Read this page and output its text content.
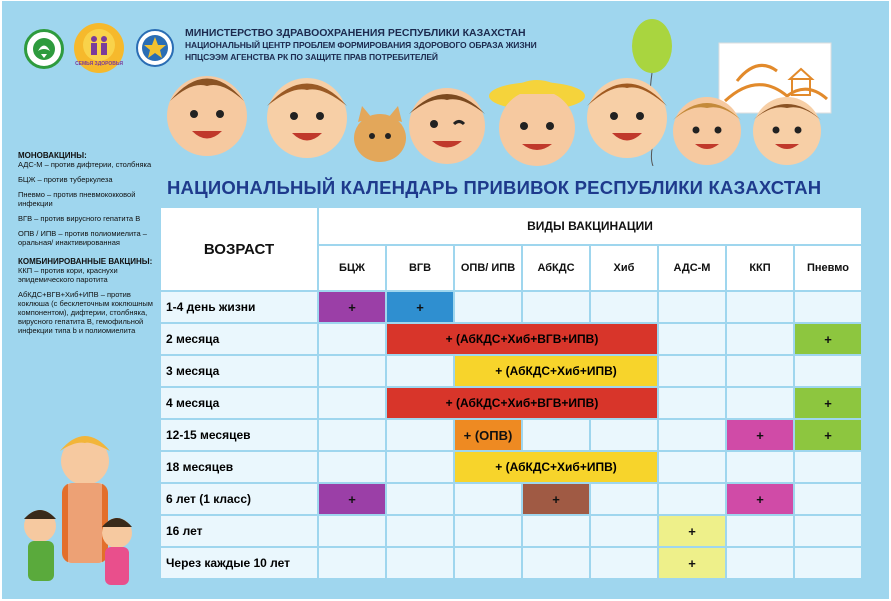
СЕМЬЯ ЗДОРОВЬЯ
МИНИСТЕРСТВО ЗДРАВООХРАНЕНИЯ РЕСПУБЛИКИ КАЗАХСТАН
НАЦИОНАЛЬНЫЙ ЦЕНТР ПРОБЛЕМ ФОРМИРОВАНИЯ ЗДОРОВОГО ОБРАЗА ЖИЗНИ
НПЦСЭЭМ АГЕНСТВА РК ПО ЗАЩИТЕ ПРАВ ПОТРЕБИТЕЛЕЙ
НАЦИОНАЛЬНЫЙ КАЛЕНДАРЬ ПРИВИВОК РЕСПУБЛИКИ КАЗАХСТАН
МОНОВАКЦИНЫ:

АДС-М – против дифтерии, столбняка

БЦЖ – против туберкулеза

Пневмо – против пневмококковой инфекции

ВГВ – против вирусного гепатита В

ОПВ / ИПВ – против полиомиелита – оральная/ инактивированная

КОМБИНИРОВАННЫЕ ВАКЦИНЫ:

ККП – против кори, краснухи эпидемического паротита

АбКДС+ВГВ+Хиб+ИПВ – против коклюша (с бесклеточным коклюшным компонентом), дифтерии, столбняка, вирусного гепатита В, гемофильной инфекции типа b и полиомиелита

ВОЗРАСТ	ВИДЫ ВАКЦИНАЦИИ							
	БЦЖ	ВГВ	ОПВ/ ИПВ	АбКДС	Хиб	АДС-М	ККП	Пневмо
1-4 день жизни	+	+						
2 месяца		+ (АбКДС+Хиб+ВГВ+ИПВ)						+
3 месяца			+ (АбКДС+Хиб+ИПВ)					
4 месяца		+ (АбКДС+Хиб+ВГВ+ИПВ)						+
12-15 месяцев			+ (ОПВ)				+	+
18 месяцев			+ (АбКДС+Хиб+ИПВ)					
6 лет (1 класс)	+			+			+	
16 лет						+		
Через каждые 10 лет						+		
